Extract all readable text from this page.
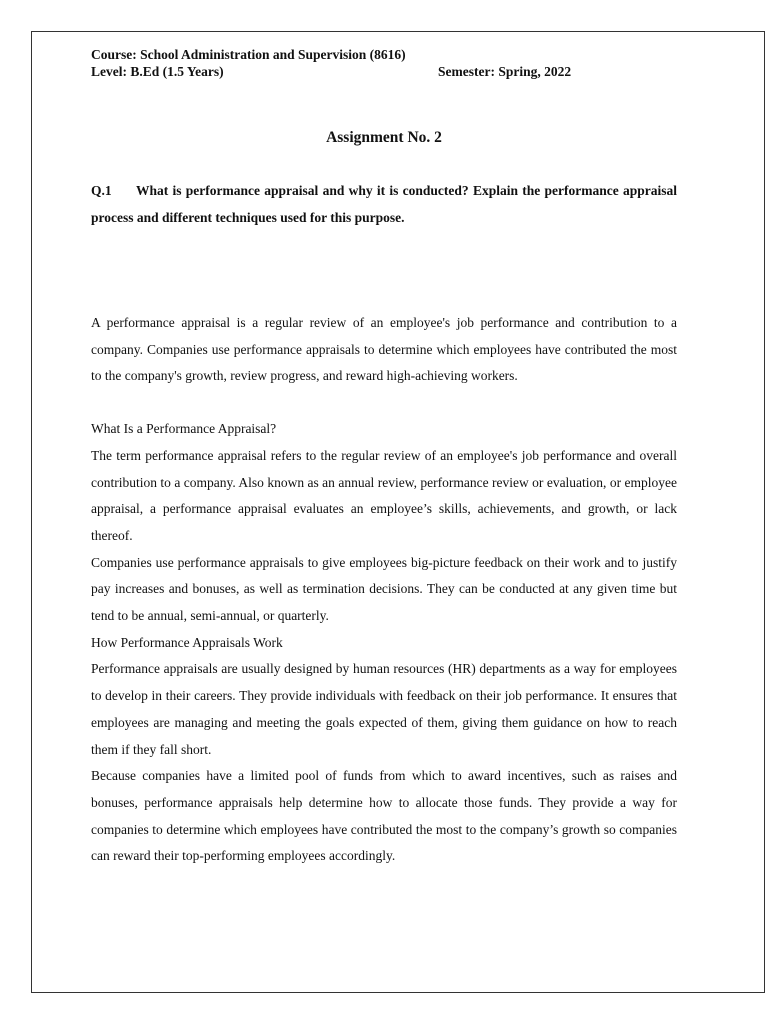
Course: School Administration and Supervision (8616)
Level: B.Ed (1.5 Years)	Semester: Spring, 2022
Assignment No. 2
Q.1 What is performance appraisal and why it is conducted? Explain the performance appraisal process and different techniques used for this purpose.

A performance appraisal is a regular review of an employee's job performance and contribution to a company. Companies use performance appraisals to determine which employees have contributed the most to the company's growth, review progress, and reward high-achieving workers.

What Is a Performance Appraisal?

The term performance appraisal refers to the regular review of an employee's job performance and overall contribution to a company. Also known as an annual review, performance review or evaluation, or employee appraisal, a performance appraisal evaluates an employee’s skills, achievements, and growth, or lack thereof.

Companies use performance appraisals to give employees big-picture feedback on their work and to justify pay increases and bonuses, as well as termination decisions. They can be conducted at any given time but tend to be annual, semi-annual, or quarterly.

How Performance Appraisals Work

Performance appraisals are usually designed by human resources (HR) departments as a way for employees to develop in their careers. They provide individuals with feedback on their job performance. It ensures that employees are managing and meeting the goals expected of them, giving them guidance on how to reach them if they fall short.

Because companies have a limited pool of funds from which to award incentives, such as raises and bonuses, performance appraisals help determine how to allocate those funds. They provide a way for companies to determine which employees have contributed the most to the company’s growth so companies can reward their top-performing employees accordingly.
